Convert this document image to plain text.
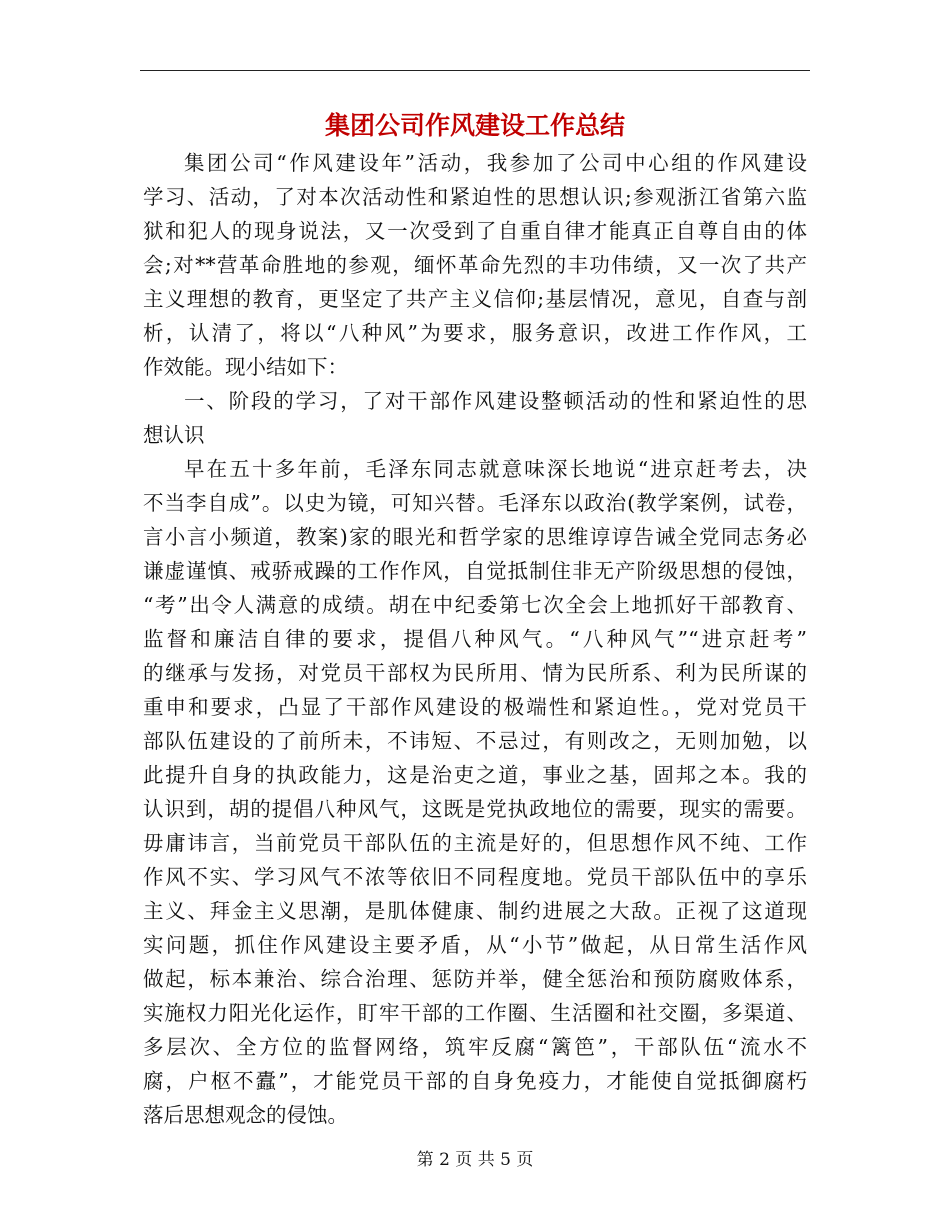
集团公司作风建设工作总结
集团公司“作风建设年”活动，我参加了公司中心组的作风建设
学习、活动，了对本次活动性和紧迫性的思想认识;参观浙江省第六监
狱和犯人的现身说法，又一次受到了自重自律才能真正自尊自由的体
会;对**营革命胜地的参观，缅怀革命先烈的丰功伟绩，又一次了共产
主义理想的教育，更坚定了共产主义信仰;基层情况，意见，自查与剖
析，认清了，将以“八种风”为要求，服务意识，改进工作作风，工
作效能。现小结如下：
一、阶段的学习，了对干部作风建设整顿活动的性和紧迫性的思
想认识
早在五十多年前，毛泽东同志就意味深长地说“进京赶考去，决
不当李自成”。以史为镜，可知兴替。毛泽东以政治(教学案例，试卷，
言小言小频道，教案)家的眼光和哲学家的思维谆谆告诫全党同志务必
谦虚谨慎、戒骄戒躁的工作作风，自觉抵制住非无产阶级思想的侵蚀，
“考”出令人满意的成绩。胡在中纪委第七次全会上地抓好干部教育、
监督和廉洁自律的要求，提倡八种风气。“八种风气”“进京赶考”
的继承与发扬，对党员干部权为民所用、情为民所系、利为民所谋的
重申和要求，凸显了干部作风建设的极端性和紧迫性。，党对党员干
部队伍建设的了前所未，不讳短、不忌过，有则改之，无则加勉，以
此提升自身的执政能力，这是治吏之道，事业之基，固邦之本。我的
认识到，胡的提倡八种风气，这既是党执政地位的需要，现实的需要。
毋庸讳言，当前党员干部队伍的主流是好的，但思想作风不纯、工作
作风不实、学习风气不浓等依旧不同程度地。党员干部队伍中的享乐
主义、拜金主义思潮，是肌体健康、制约进展之大敌。正视了这道现
实问题，抓住作风建设主要矛盾，从“小节”做起，从日常生活作风
做起，标本兼治、综合治理、惩防并举，健全惩治和预防腐败体系，
实施权力阳光化运作，盯牢干部的工作圈、生活圈和社交圈，多渠道、
多层次、全方位的监督网络，筑牢反腐“篱笆”，干部队伍“流水不
腐，户枢不蠹”，才能党员干部的自身免疫力，才能使自觉抵御腐朽
落后思想观念的侵蚀。
第 2 页 共 5 页
